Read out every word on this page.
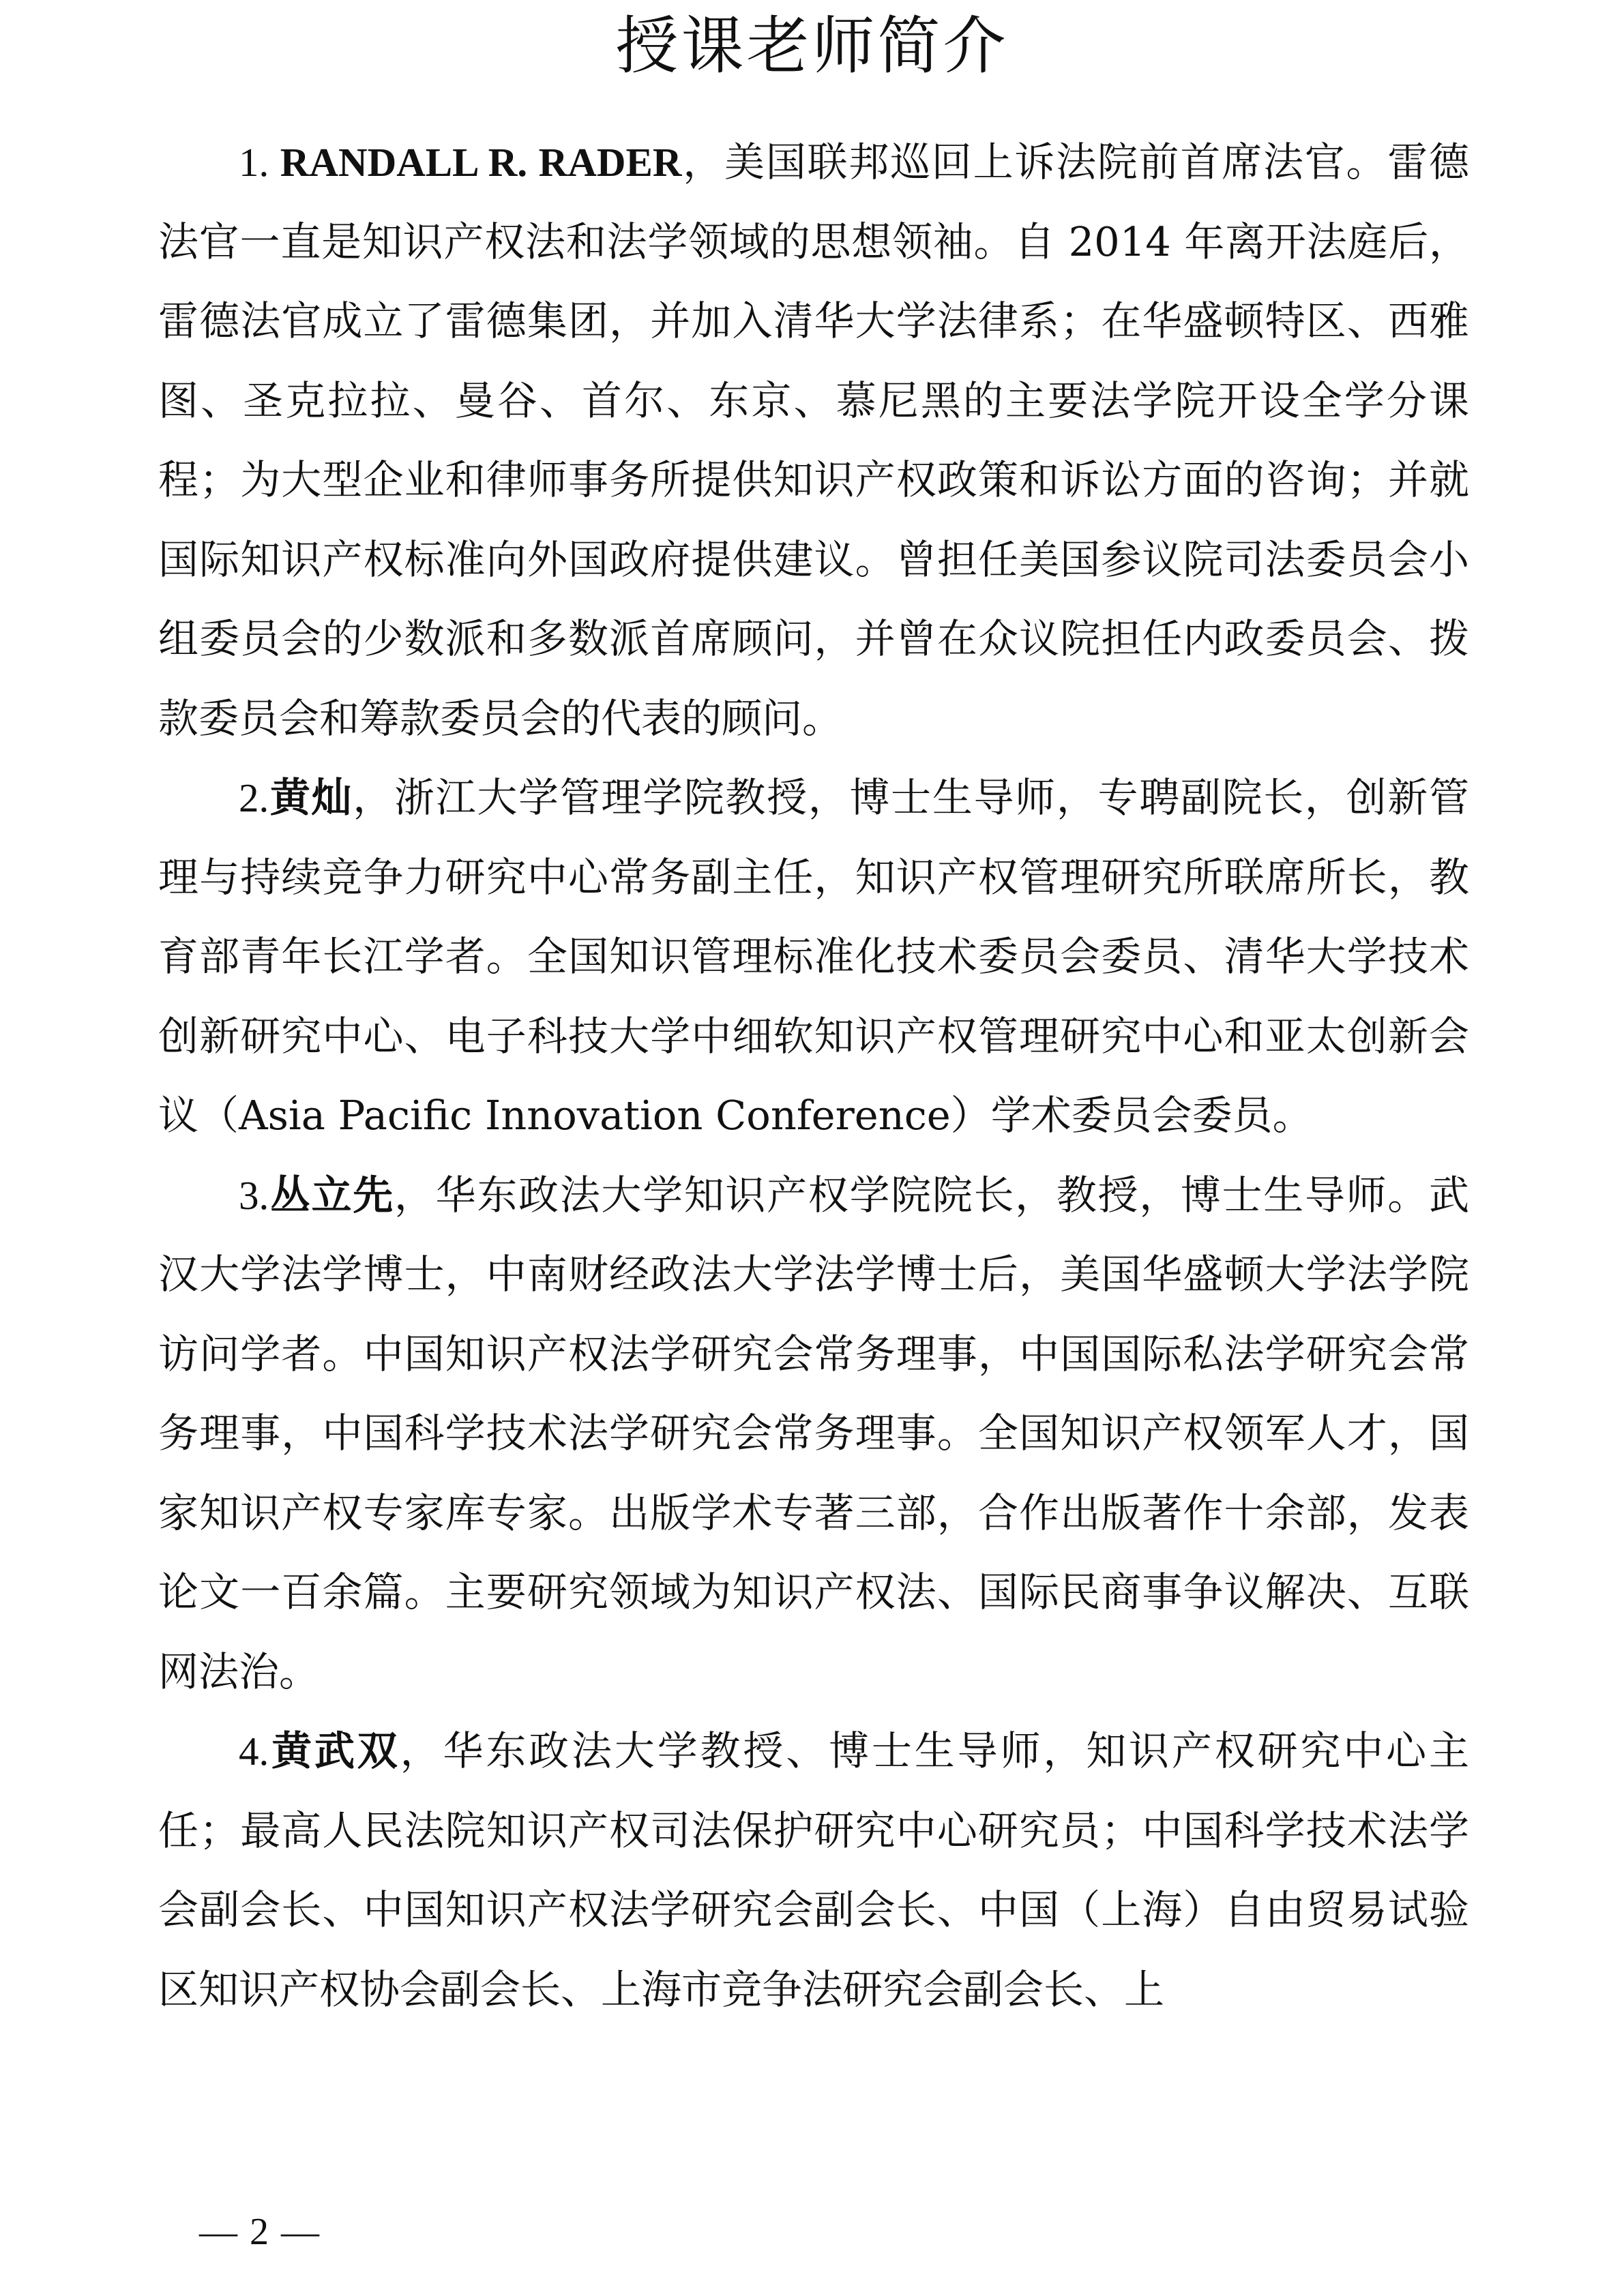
授课老师简介

1. RANDALL R. RADER，美国联邦巡回上诉法院前首席法官。雷德法官一直是知识产权法和法学领域的思想领袖。自 2014 年离开法庭后，雷德法官成立了雷德集团，并加入清华大学法律系；在华盛顿特区、西雅图、圣克拉拉、曼谷、首尔、东京、慕尼黑的主要法学院开设全学分课程；为大型企业和律师事务所提供知识产权政策和诉讼方面的咨询；并就国际知识产权标准向外国政府提供建议。曾担任美国参议院司法委员会小组委员会的少数派和多数派首席顾问，并曾在众议院担任内政委员会、拨款委员会和筹款委员会的代表的顾问。

2.黄灿，浙江大学管理学院教授，博士生导师，专聘副院长，创新管理与持续竞争力研究中心常务副主任，知识产权管理研究所联席所长，教育部青年长江学者。全国知识管理标准化技术委员会委员、清华大学技术创新研究中心、电子科技大学中细软知识产权管理研究中心和亚太创新会议（Asia Pacific Innovation Conference）学术委员会委员。

3.丛立先，华东政法大学知识产权学院院长，教授，博士生导师。武汉大学法学博士，中南财经政法大学法学博士后，美国华盛顿大学法学院访问学者。中国知识产权法学研究会常务理事，中国国际私法学研究会常务理事，中国科学技术法学研究会常务理事。全国知识产权领军人才，国家知识产权专家库专家。出版学术专著三部，合作出版著作十余部，发表论文一百余篇。主要研究领域为知识产权法、国际民商事争议解决、互联网法治。

4.黄武双，华东政法大学教授、博士生导师，知识产权研究中心主任；最高人民法院知识产权司法保护研究中心研究员；中国科学技术法学会副会长、中国知识产权法学研究会副会长、中国（上海）自由贸易试验区知识产权协会副会长、上海市竞争法研究会副会长、上

— 2 —
